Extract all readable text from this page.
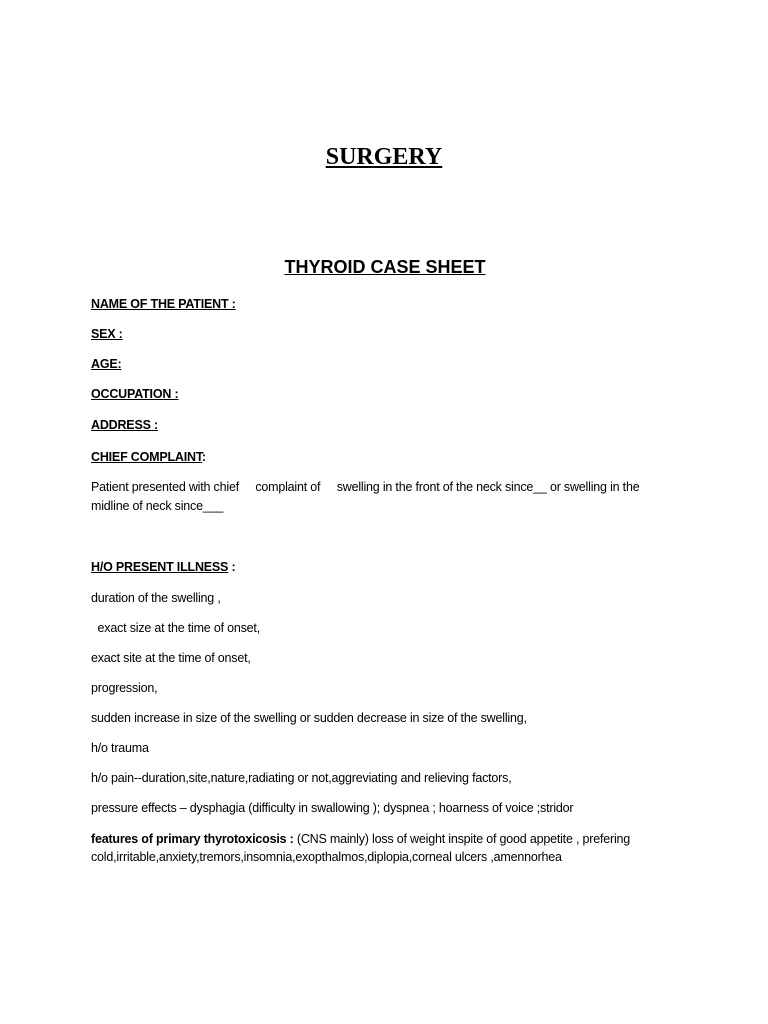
SURGERY
THYROID CASE SHEET
NAME OF THE PATIENT :
SEX :
AGE:
OCCUPATION :
ADDRESS :
CHIEF COMPLAINT:
Patient presented with chief     complaint of     swelling in the front of the neck since__ or swelling in the
midline of neck since___
H/O PRESENT ILLNESS :
duration of the swelling ,
exact size at the time of onset,
exact site at the time of onset,
progression,
sudden increase in size of the swelling or sudden decrease in size of the swelling,
h/o trauma
h/o pain--duration,site,nature,radiating or not,aggreviating and relieving factors,
pressure effects – dysphagia (difficulty in swallowing ); dyspnea ; hoarness of voice ;stridor
features of primary thyrotoxicosis : (CNS mainly) loss of weight inspite of good appetite , prefering
cold,irritable,anxiety,tremors,insomnia,exopthalmos,diplopia,corneal ulcers ,amennorhea
